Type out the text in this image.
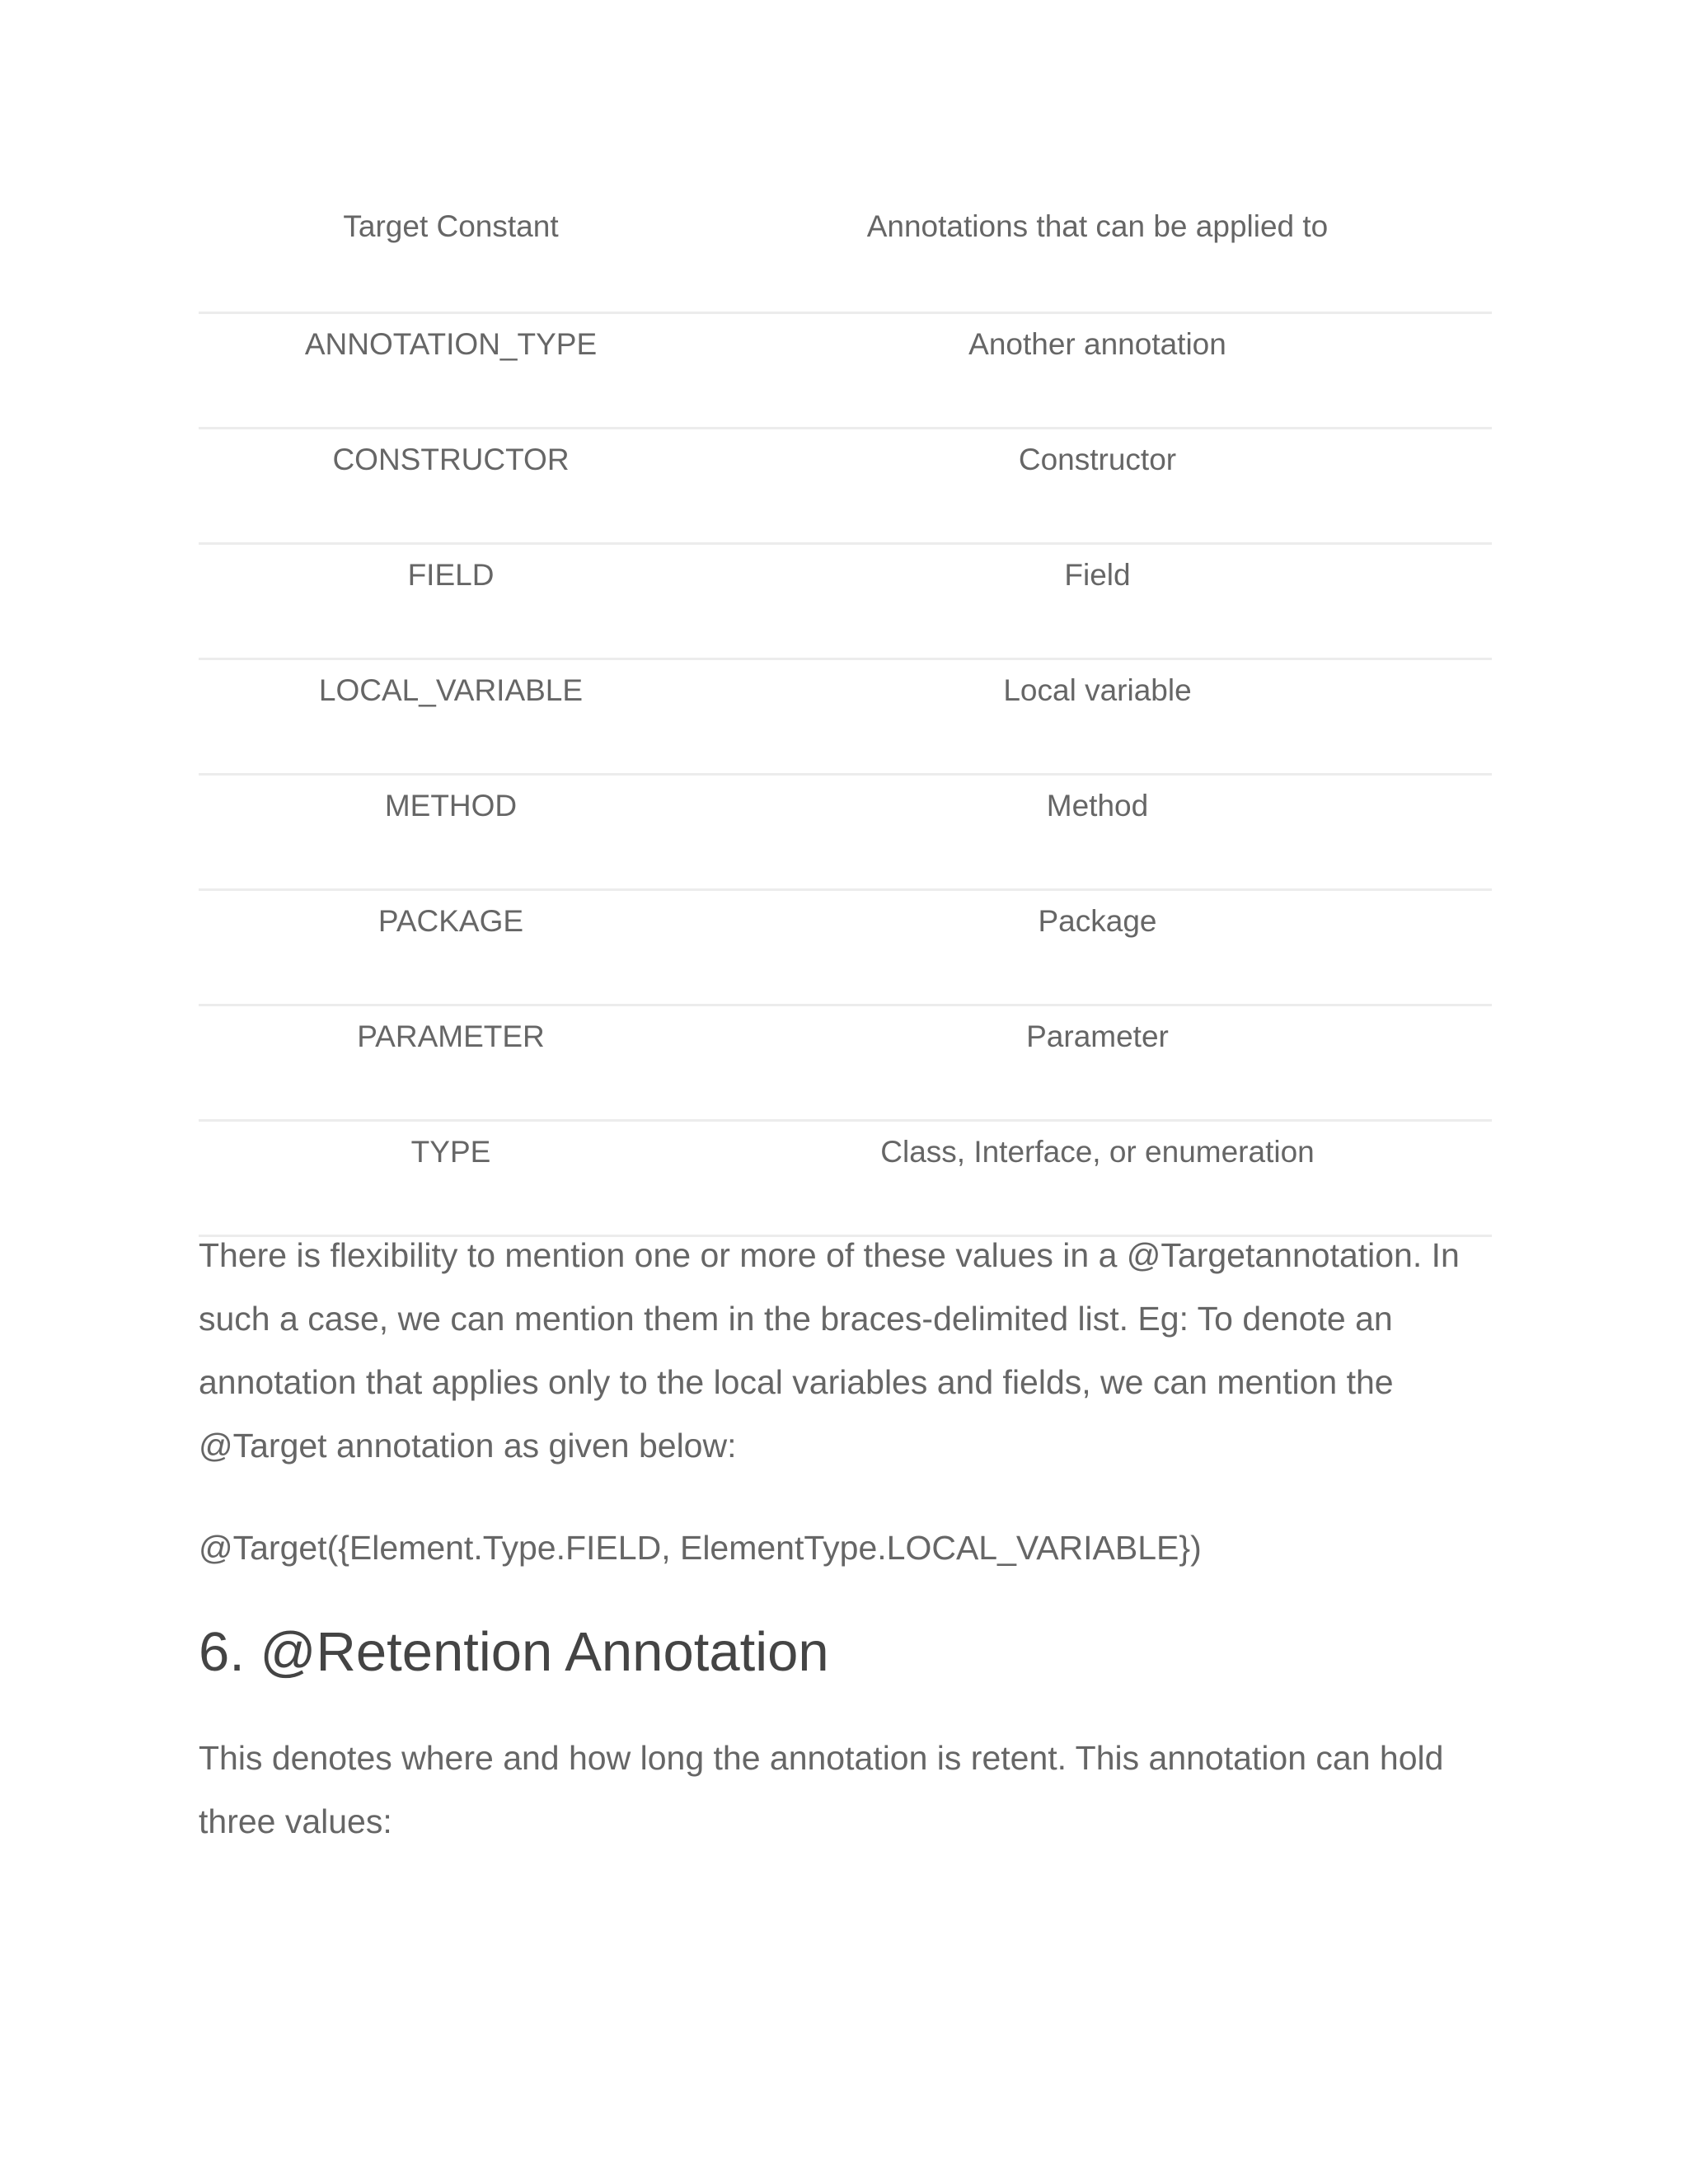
Target Constant	Annotations that can be applied to
ANNOTATION_TYPE	Another annotation
CONSTRUCTOR	Constructor
FIELD	Field
LOCAL_VARIABLE	Local variable
METHOD	Method
PACKAGE	Package
PARAMETER	Parameter
TYPE	Class, Interface, or enumeration

There is flexibility to mention one or more of these values in a @Targetannotation. In such a case, we can mention them in the braces-delimited list. Eg: To denote an annotation that applies only to the local variables and fields, we can mention the @Target annotation as given below:

@Target({Element.Type.FIELD, ElementType.LOCAL_VARIABLE})

6. @Retention Annotation

This denotes where and how long the annotation is retent. This annotation can hold three values:
